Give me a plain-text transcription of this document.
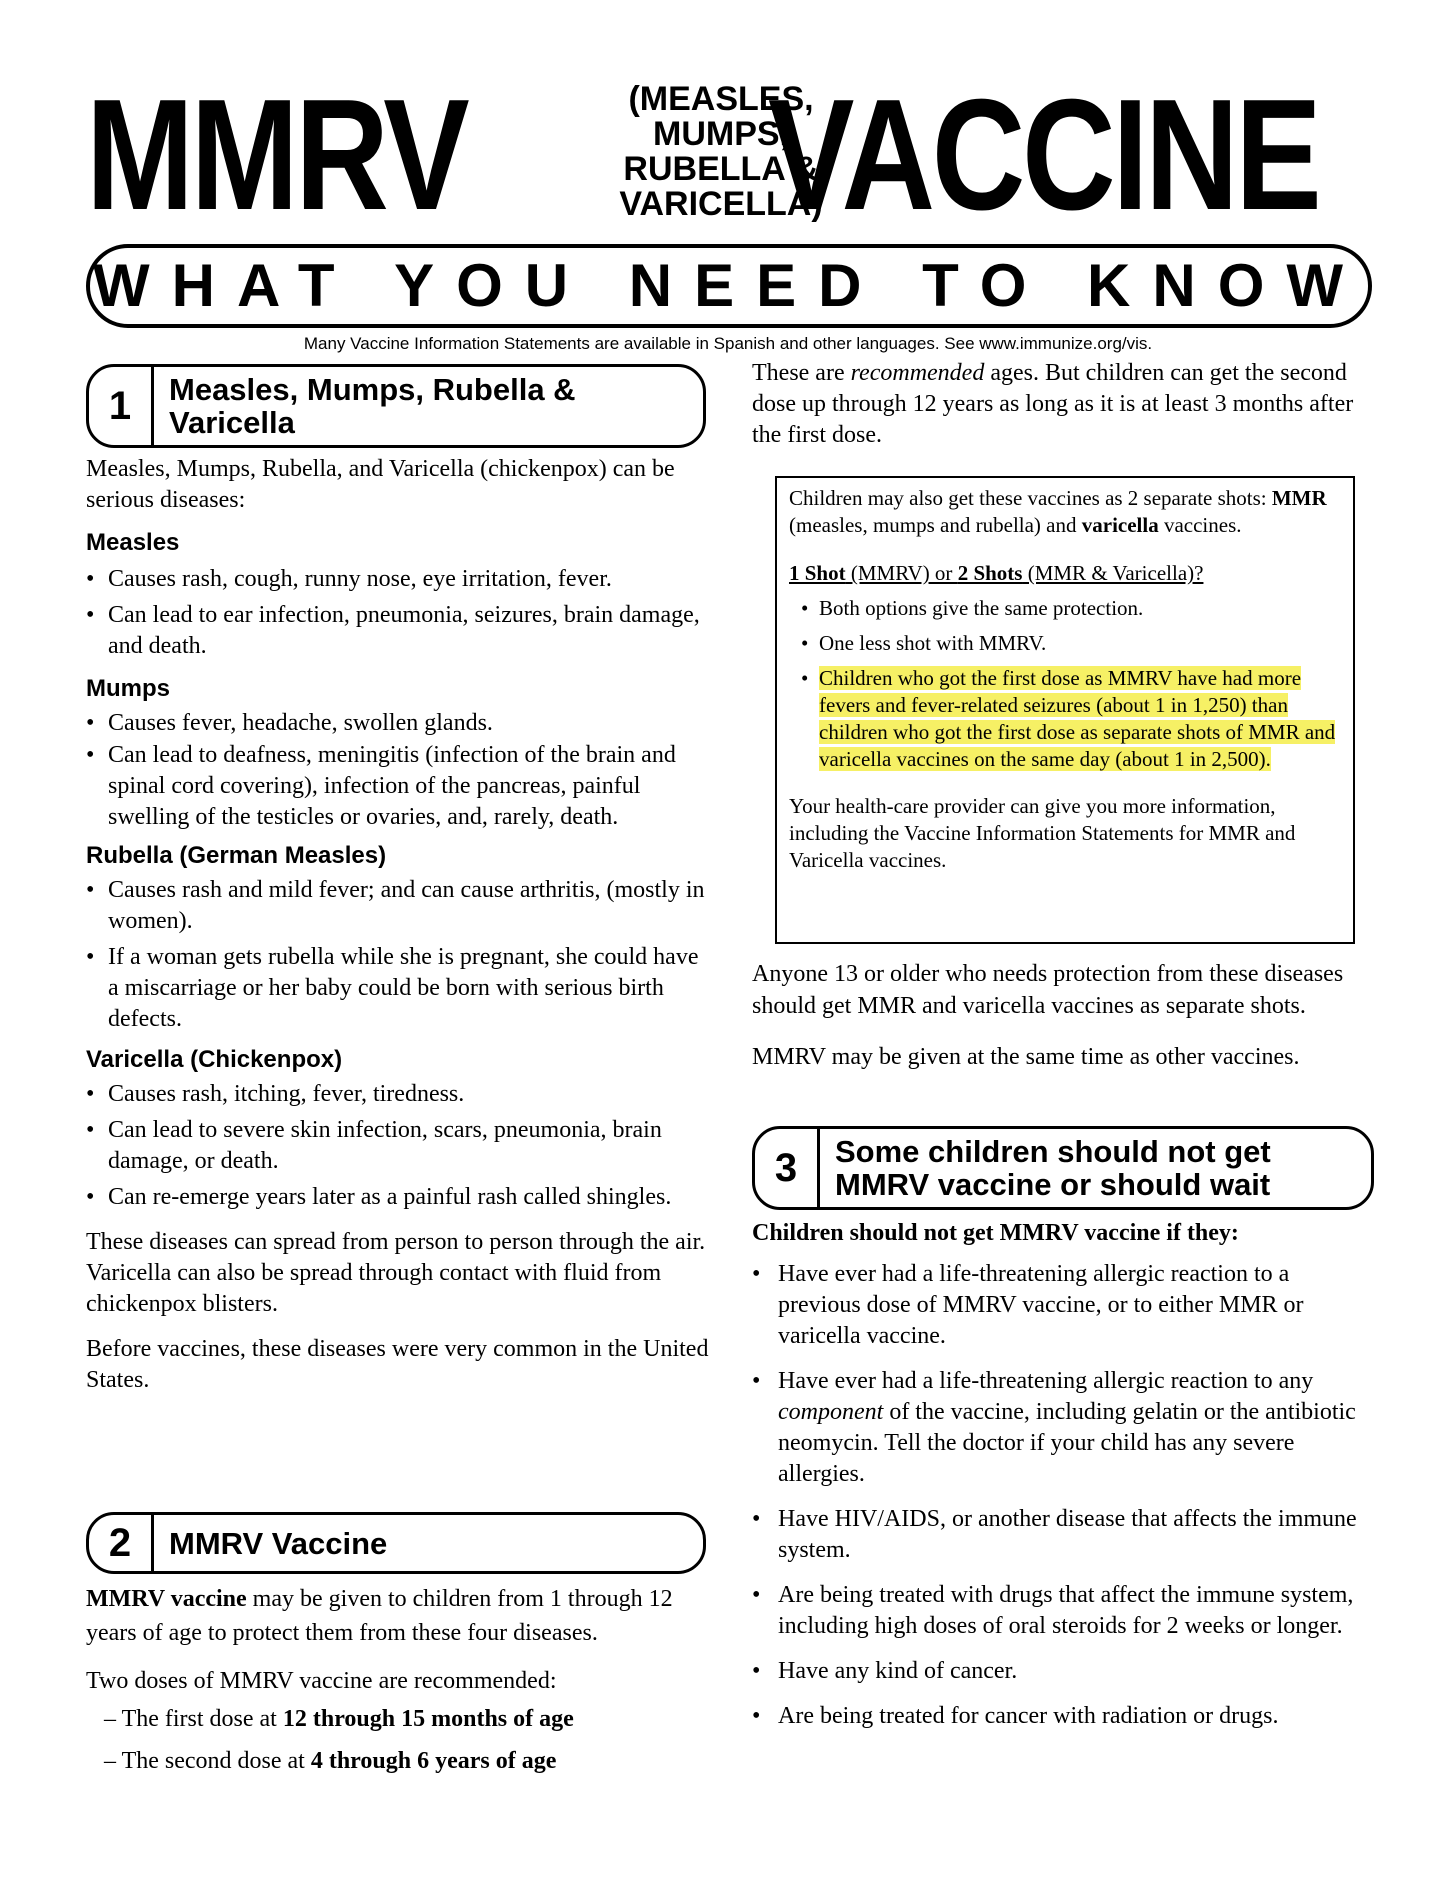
MMRV	(MEASLES,
MUMPS,
RUBELLA &
VARICELLA)
VACCINE
WHAT YOU NEED TO KNOW
Many Vaccine Information Statements are available in Spanish and other languages. See www.immunize.org/vis.
1	Measles, Mumps, Rubella &
Varicella

Measles, Mumps, Rubella, and Varicella (chickenpox) can be serious diseases:

Measles

• Causes rash, cough, runny nose, eye irritation, fever.
• Can lead to ear infection, pneumonia, seizures, brain damage, and death.

Mumps

• Causes fever, headache, swollen glands.
• Can lead to deafness, meningitis (infection of the brain and spinal cord covering), infection of the pancreas, painful swelling of the testicles or ovaries, and, rarely, death.

Rubella (German Measles)

• Causes rash and mild fever; and can cause arthritis, (mostly in women).
• If a woman gets rubella while she is pregnant, she could have a miscarriage or her baby could be born with serious birth defects.

Varicella (Chickenpox)

• Causes rash, itching, fever, tiredness.
• Can lead to severe skin infection, scars, pneumonia, brain damage, or death.
• Can re-emerge years later as a painful rash called shingles.

These diseases can spread from person to person through the air. Varicella can also be spread through contact with fluid from chickenpox blisters.

Before vaccines, these diseases were very common in the United States.

2	MMRV Vaccine

MMRV vaccine may be given to children from 1 through 12 years of age to protect them from these four diseases.

Two doses of MMRV vaccine are recommended:

– The first dose at 12 through 15 months of age
– The second dose at 4 through 6 years of age

These are recommended ages. But children can get the second dose up through 12 years as long as it is at least 3 months after the first dose.

Children may also get these vaccines as 2 separate shots: MMR (measles, mumps and rubella) and varicella vaccines.

1 Shot (MMRV) or 2 Shots (MMR & Varicella)?

• Both options give the same protection.
• One less shot with MMRV.
• Children who got the first dose as MMRV have had more fevers and fever-related seizures (about 1 in 1,250) than children who got the first dose as separate shots of MMR and varicella vaccines on the same day (about 1 in 2,500).

Your health-care provider can give you more information, including the Vaccine Information Statements for MMR and Varicella vaccines.

Anyone 13 or older who needs protection from these diseases should get MMR and varicella vaccines as separate shots.

MMRV may be given at the same time as other vaccines.

3	Some children should not get
MMRV vaccine or should wait

Children should not get MMRV vaccine if they:

• Have ever had a life-threatening allergic reaction to a previous dose of MMRV vaccine, or to either MMR or varicella vaccine.
• Have ever had a life-threatening allergic reaction to any component of the vaccine, including gelatin or the antibiotic neomycin. Tell the doctor if your child has any severe allergies.
• Have HIV/AIDS, or another disease that affects the immune system.
• Are being treated with drugs that affect the immune system, including high doses of oral steroids for 2 weeks or longer.
• Have any kind of cancer.
• Are being treated for cancer with radiation or drugs.
